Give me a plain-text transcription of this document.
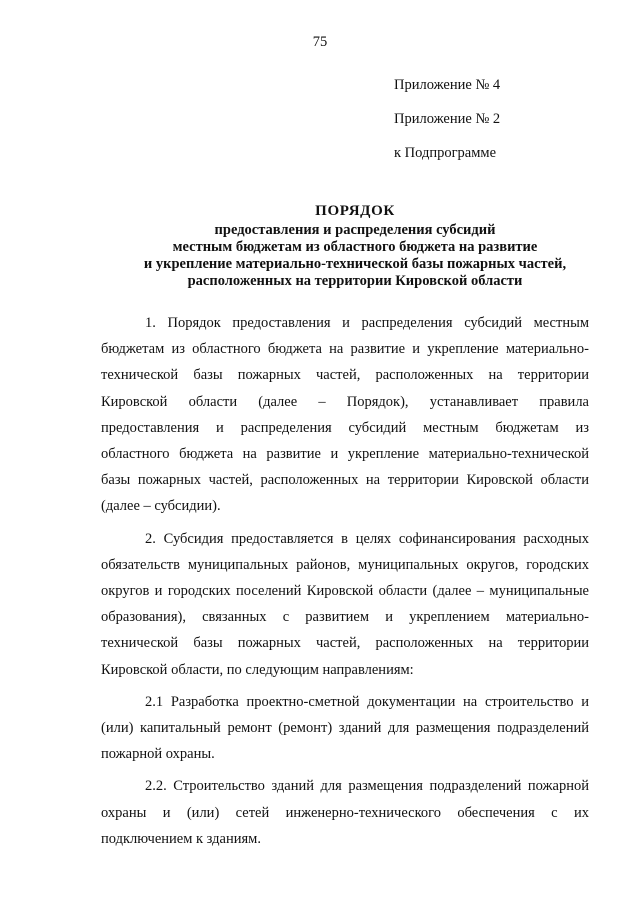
75
Приложение № 4
Приложение № 2
к Подпрограмме
ПОРЯДОК
предоставления и распределения субсидий
местным бюджетам из областного бюджета на развитие
и укрепление материально-технической базы пожарных частей,
расположенных на территории Кировской области
1. Порядок предоставления и распределения субсидий местным
бюджетам из областного бюджета на развитие и укрепление материально-
технической базы пожарных частей, расположенных на территории
Кировской области (далее – Порядок), устанавливает правила
предоставления и распределения субсидий местным бюджетам из
областного бюджета на развитие и укрепление материально-технической
базы пожарных частей, расположенных на территории Кировской области
(далее – субсидии).
2. Субсидия предоставляется в целях софинансирования расходных
обязательств муниципальных районов, муниципальных округов, городских
округов и городских поселений Кировской области (далее – муниципальные
образования), связанных с развитием и укреплением материально-
технической базы пожарных частей, расположенных на территории
Кировской области, по следующим направлениям:
2.1 Разработка проектно-сметной документации на строительство и
(или) капитальный ремонт (ремонт) зданий для размещения подразделений
пожарной охраны.
2.2. Строительство зданий для размещения подразделений пожарной
охраны и (или) сетей инженерно-технического обеспечения с их
подключением к зданиям.
